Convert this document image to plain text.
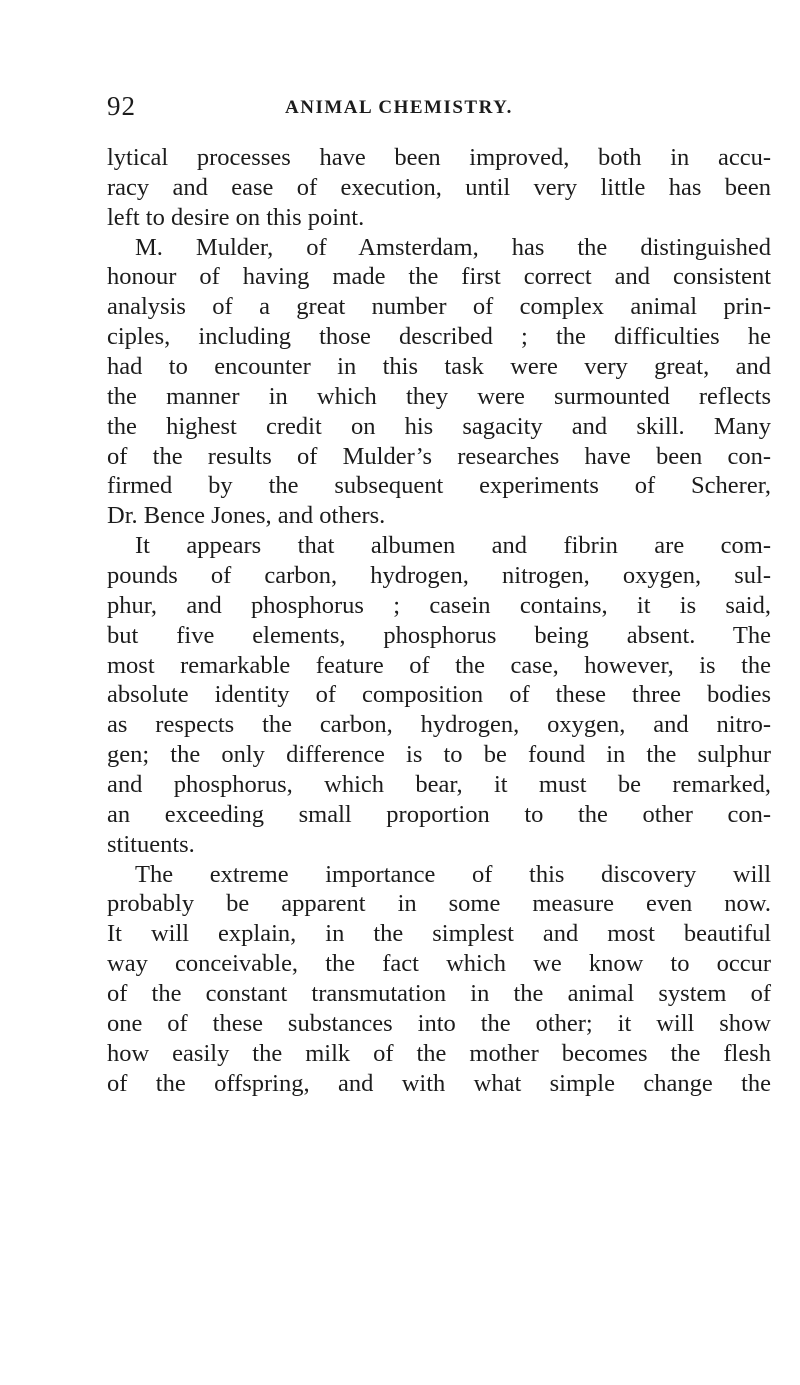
92	ANIMAL CHEMISTRY.
lytical processes have been improved, both in accu-
racy and ease of execution, until very little has been
left to desire on this point.
M. Mulder, of Amsterdam, has the distinguished
honour of having made the first correct and consistent
analysis of a great number of complex animal prin-
ciples, including those described ; the difficulties he
had to encounter in this task were very great, and
the manner in which they were surmounted reflects
the highest credit on his sagacity and skill. Many
of the results of Mulder’s researches have been con-
firmed by the subsequent experiments of Scherer,
Dr. Bence Jones, and others.
It appears that albumen and fibrin are com-
pounds of carbon, hydrogen, nitrogen, oxygen, sul-
phur, and phosphorus ; casein contains, it is said,
but five elements, phosphorus being absent. The
most remarkable feature of the case, however, is the
absolute identity of composition of these three bodies
as respects the carbon, hydrogen, oxygen, and nitro-
gen; the only difference is to be found in the sulphur
and phosphorus, which bear, it must be remarked,
an exceeding small proportion to the other con-
stituents.
The extreme importance of this discovery will
probably be apparent in some measure even now.
It will explain, in the simplest and most beautiful
way conceivable, the fact which we know to occur
of the constant transmutation in the animal system of
one of these substances into the other; it will show
how easily the milk of the mother becomes the flesh
of the offspring, and with what simple change the
